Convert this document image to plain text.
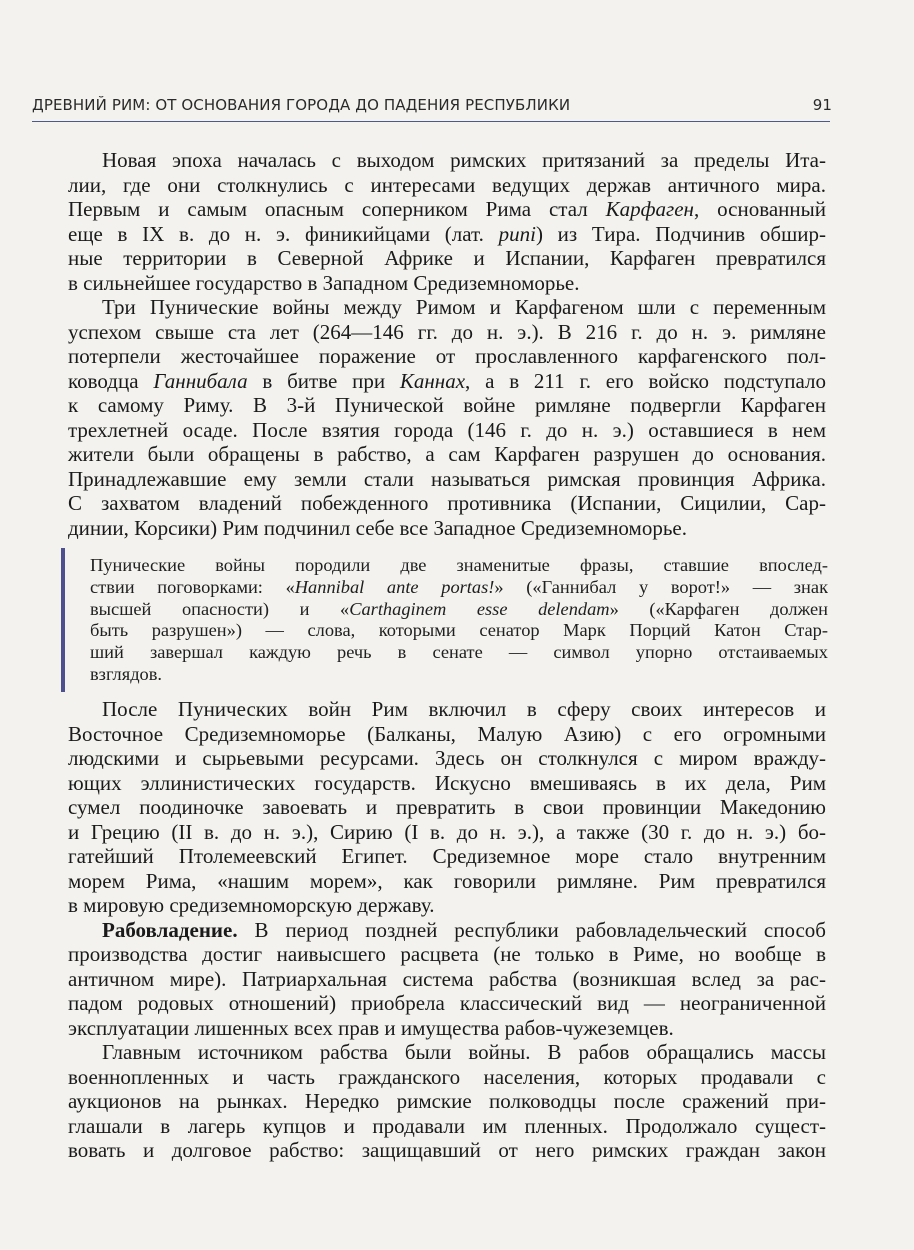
ДРЕВНИЙ РИМ: ОТ ОСНОВАНИЯ ГОРОДА ДО ПАДЕНИЯ РЕСПУБЛИКИ	91
Новая эпоха началась с выходом римских притязаний за пределы Ита-
лии, где они столкнулись с интересами ведущих держав античного мира.
Первым и самым опасным соперником Рима стал Карфаген, основанный
еще в IX в. до н. э. финикийцами (лат. puni) из Тира. Подчинив обшир-
ные территории в Северной Африке и Испании, Карфаген превратился
в сильнейшее государство в Западном Средиземноморье.
Три Пунические войны между Римом и Карфагеном шли с переменным
успехом свыше ста лет (264—146 гг. до н. э.). В 216 г. до н. э. римляне
потерпели жесточайшее поражение от прославленного карфагенского пол-
ководца Ганнибала в битве при Каннах, а в 211 г. его войско подступало
к самому Риму. В 3-й Пунической войне римляне подвергли Карфаген
трехлетней осаде. После взятия города (146 г. до н. э.) оставшиеся в нем
жители были обращены в рабство, а сам Карфаген разрушен до основания.
Принадлежавшие ему земли стали называться римская провинция Африка.
С захватом владений побежденного противника (Испании, Сицилии, Сар-
динии, Корсики) Рим подчинил себе все Западное Средиземноморье.
Пунические войны породили две знаменитые фразы, ставшие впослед-
ствии поговорками: «Hannibal ante portas!» («Ганнибал у ворот!» — знак
высшей опасности) и «Carthaginem esse delendam» («Карфаген должен
быть разрушен») — слова, которыми сенатор Марк Порций Катон Стар-
ший завершал каждую речь в сенате — символ упорно отстаиваемых
взглядов.
После Пунических войн Рим включил в сферу своих интересов и
Восточное Средиземноморье (Балканы, Малую Азию) с его огромными
людскими и сырьевыми ресурсами. Здесь он столкнулся с миром вражду-
ющих эллинистических государств. Искусно вмешиваясь в их дела, Рим
сумел поодиночке завоевать и превратить в свои провинции Македонию
и Грецию (II в. до н. э.), Сирию (I в. до н. э.), а также (30 г. до н. э.) бо-
гатейший Птолемеевский Египет. Средиземное море стало внутренним
морем Рима, «нашим морем», как говорили римляне. Рим превратился
в мировую средиземноморскую державу.
Рабовладение. В период поздней республики рабовладельческий способ
производства достиг наивысшего расцвета (не только в Риме, но вообще в
античном мире). Патриархальная система рабства (возникшая вслед за рас-
падом родовых отношений) приобрела классический вид — неограниченной
эксплуатации лишенных всех прав и имущества рабов-чужеземцев.
Главным источником рабства были войны. В рабов обращались массы
военнопленных и часть гражданского населения, которых продавали с
аукционов на рынках. Нередко римские полководцы после сражений при-
глашали в лагерь купцов и продавали им пленных. Продолжало сущест-
вовать и долговое рабство: защищавший от него римских граждан закон
